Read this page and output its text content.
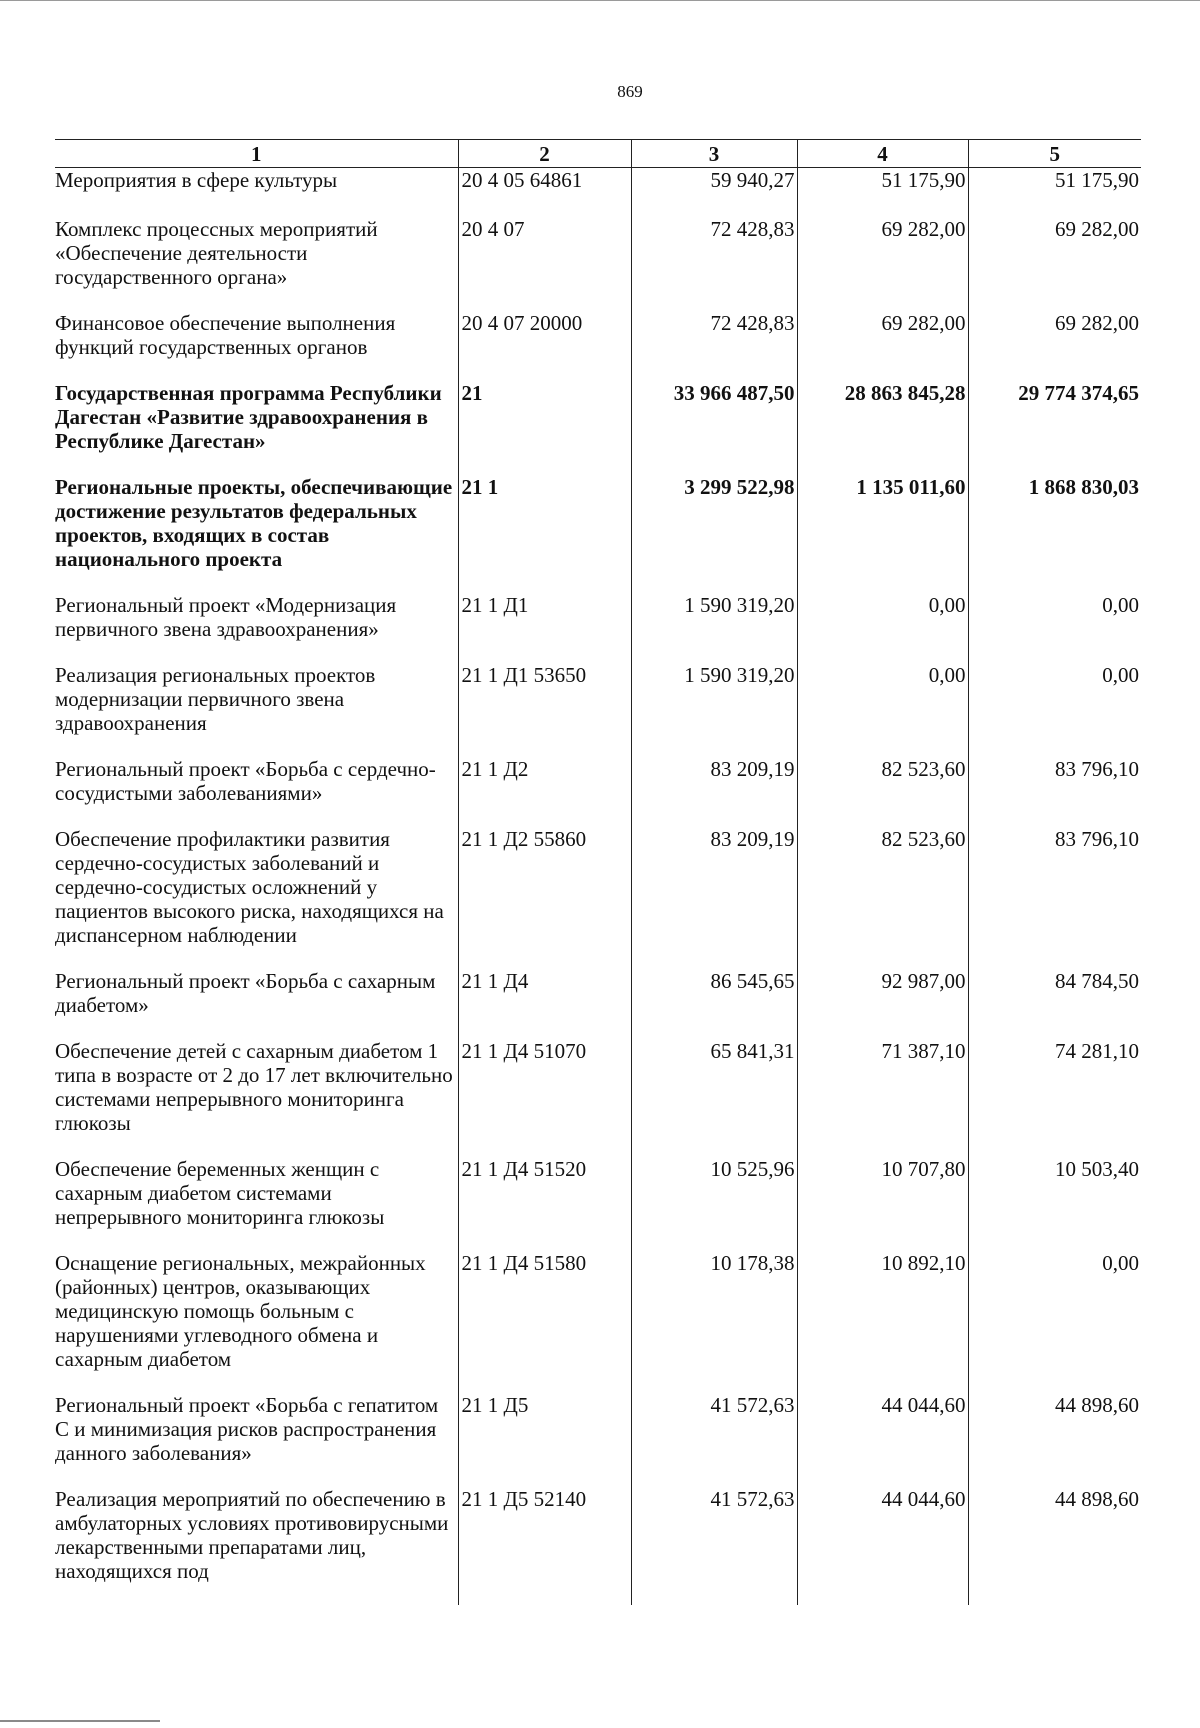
869
1	2	3	4	5
Мероприятия в сфере культуры	20 4 05 64861	59 940,27	51 175,90	51 175,90
Комплекс процессных мероприятий «Обеспечение деятельности государственного органа»	20 4 07	72 428,83	69 282,00	69 282,00
Финансовое обеспечение выполнения функций государственных органов	20 4 07 20000	72 428,83	69 282,00	69 282,00
Государственная программа Республики Дагестан «Развитие здравоохранения в Республике Дагестан»	21	33 966 487,50	28 863 845,28	29 774 374,65
Региональные проекты, обеспечивающие достижение результатов федеральных проектов, входящих в состав национального проекта	21 1	3 299 522,98	1 135 011,60	1 868 830,03
Региональный проект «Модернизация первичного звена здравоохранения»	21 1 Д1	1 590 319,20	0,00	0,00
Реализация региональных проектов модернизации первичного звена здравоохранения	21 1 Д1 53650	1 590 319,20	0,00	0,00
Региональный проект «Борьба с сердечно-сосудистыми заболеваниями»	21 1 Д2	83 209,19	82 523,60	83 796,10
Обеспечение профилактики развития сердечно-сосудистых заболеваний и сердечно-сосудистых осложнений у пациентов высокого риска, находящихся на диспансерном наблюдении	21 1 Д2 55860	83 209,19	82 523,60	83 796,10
Региональный проект «Борьба с сахарным диабетом»	21 1 Д4	86 545,65	92 987,00	84 784,50
Обеспечение детей с сахарным диабетом 1 типа в возрасте от 2 до 17 лет включительно системами непрерывного мониторинга глюкозы	21 1 Д4 51070	65 841,31	71 387,10	74 281,10
Обеспечение беременных женщин с сахарным диабетом системами непрерывного мониторинга глюкозы	21 1 Д4 51520	10 525,96	10 707,80	10 503,40
Оснащение региональных, межрайонных (районных) центров, оказывающих медицинскую помощь больным с нарушениями углеводного обмена и сахарным диабетом	21 1 Д4 51580	10 178,38	10 892,10	0,00
Региональный проект «Борьба с гепатитом С и минимизация рисков распространения данного заболевания»	21 1 Д5	41 572,63	44 044,60	44 898,60
Реализация мероприятий по обеспечению в амбулаторных условиях противовирусными лекарственными препаратами лиц, находящихся под	21 1 Д5 52140	41 572,63	44 044,60	44 898,60
